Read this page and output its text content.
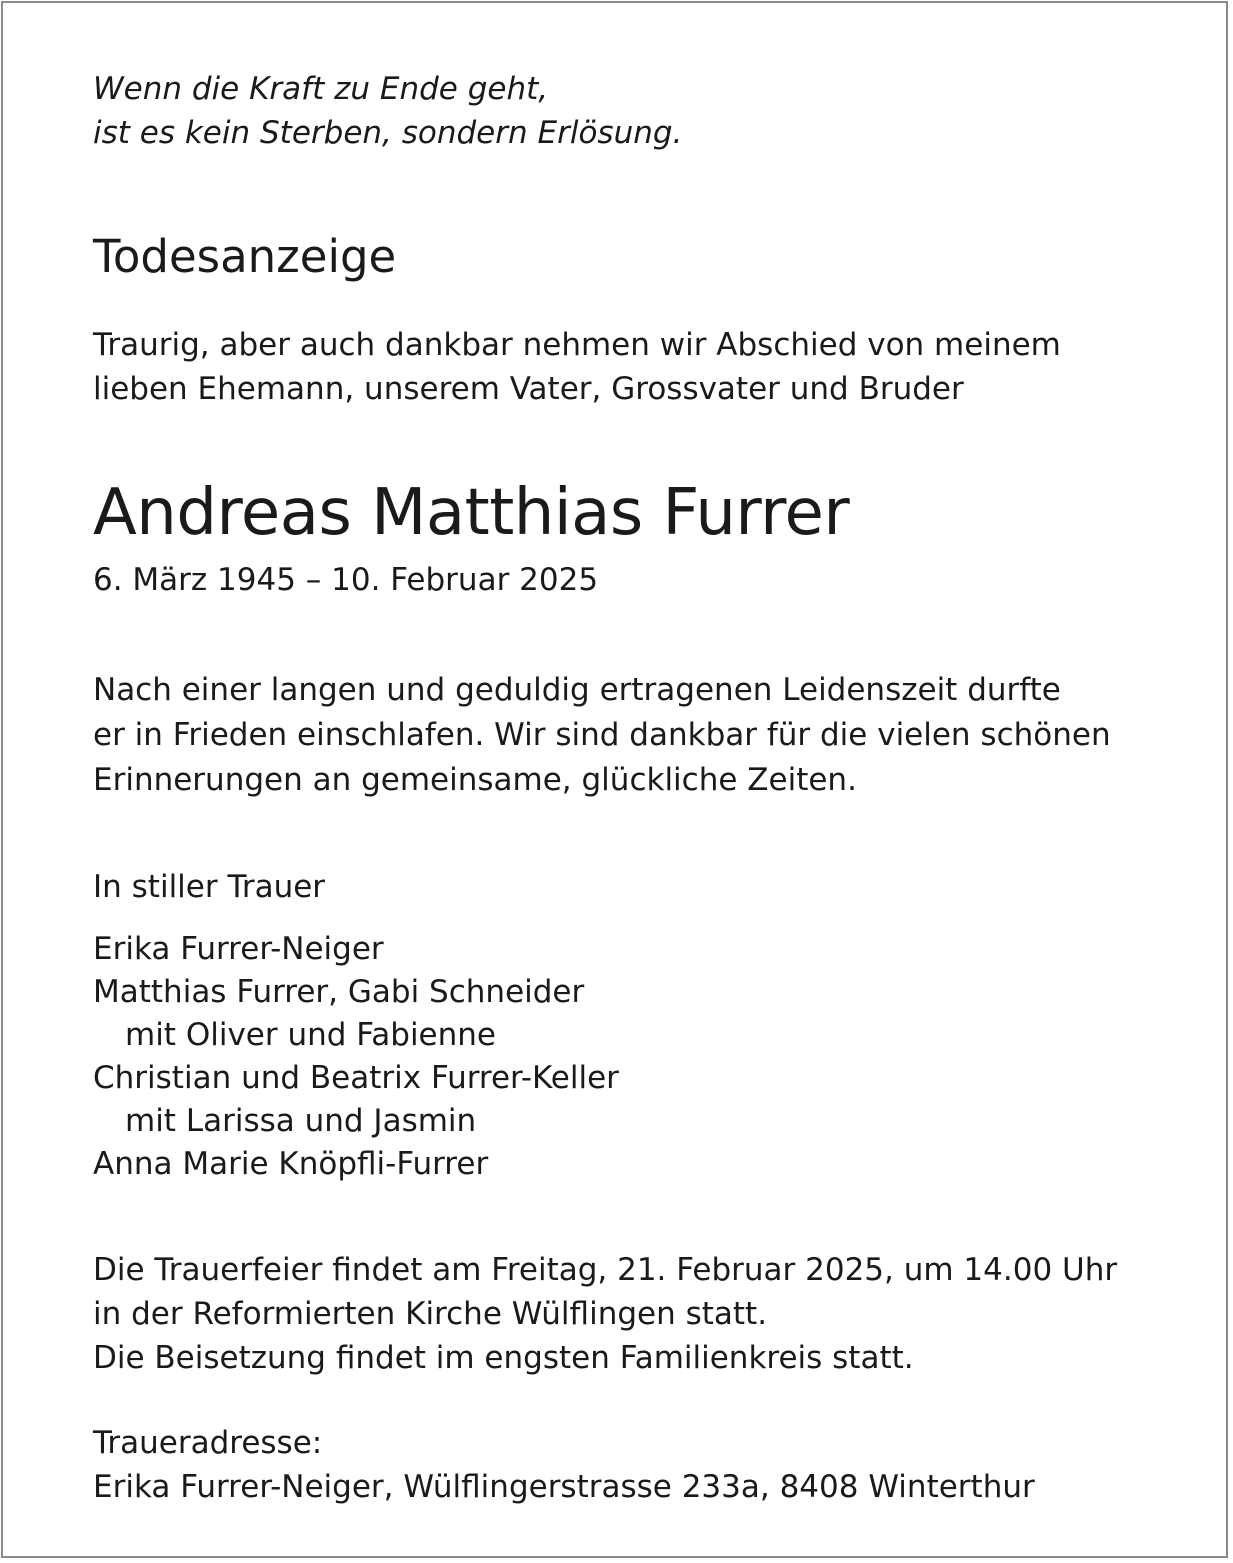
Wenn die Kraft zu Ende geht,
ist es kein Sterben, sondern Erlösung.

Todesanzeige

Traurig, aber auch dankbar nehmen wir Abschied von meinem
lieben Ehemann, unserem Vater, Grossvater und Bruder

Andreas Matthias Furrer

6. März 1945 – 10. Februar 2025

Nach einer langen und geduldig ertragenen Leidenszeit durfte
er in Frieden einschlafen. Wir sind dankbar für die vielen schönen
Erinnerungen an gemeinsame, glückliche Zeiten.

In stiller Trauer

Erika Furrer-Neiger
Matthias Furrer, Gabi Schneider
mit Oliver und Fabienne
Christian und Beatrix Furrer-Keller
mit Larissa und Jasmin
Anna Marie Knöpfli-Furrer

Die Trauerfeier findet am Freitag, 21. Februar 2025, um 14.00 Uhr
in der Reformierten Kirche Wülflingen statt.
Die Beisetzung findet im engsten Familienkreis statt.

Traueradresse:
Erika Furrer-Neiger, Wülflingerstrasse 233a, 8408 Winterthur
